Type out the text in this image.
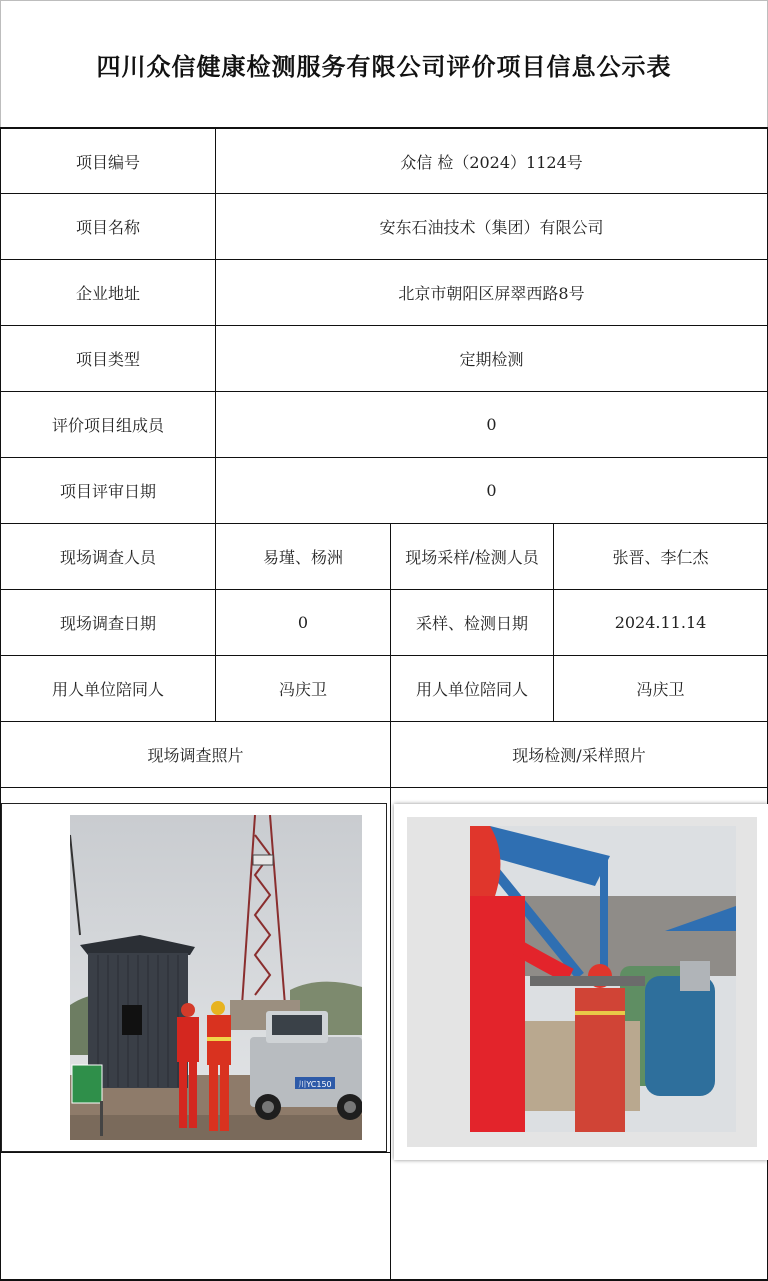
四川众信健康检测服务有限公司评价项目信息公示表
项目编号	众信 检（2024）1124号
项目名称	安东石油技术（集团）有限公司
企业地址	北京市朝阳区屏翠西路8号
项目类型	定期检测
评价项目组成员	0
项目评审日期	0
现场调查人员	易瑾、杨洲	现场采样/检测人员	张晋、李仁杰
现场调查日期	0	采样、检测日期	2024.11.14
用人单位陪同人	冯庆卫	用人单位陪同人	冯庆卫
现场调查照片	现场检测/采样照片
川YC150
